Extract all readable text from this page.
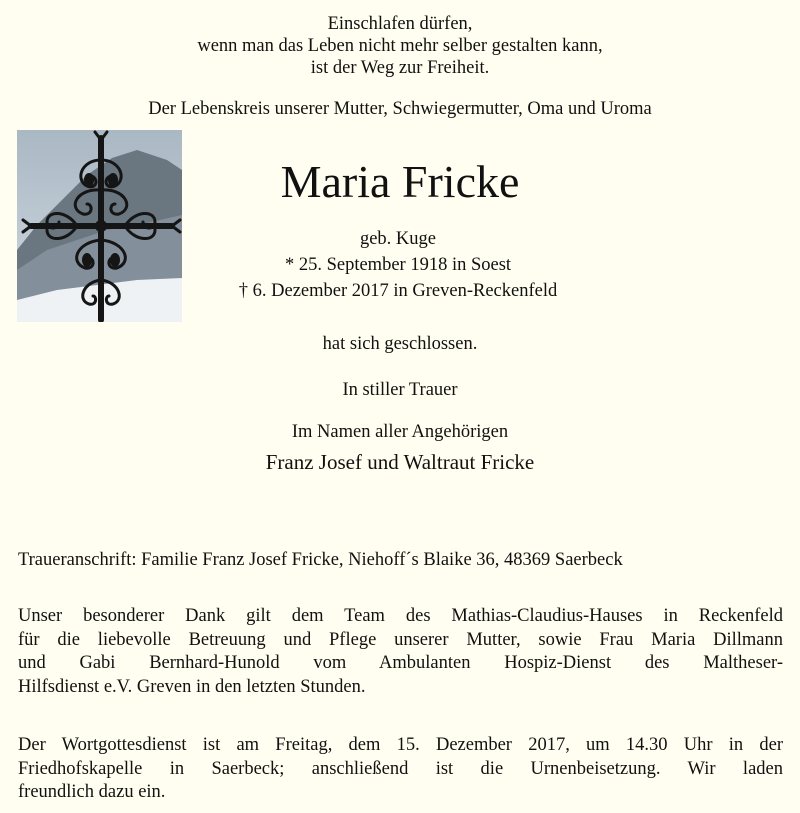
Einschlafen dürfen,
wenn man das Leben nicht mehr selber gestalten kann,
ist der Weg zur Freiheit.
Der Lebenskreis unserer Mutter, Schwiegermutter, Oma und Uroma
Maria Fricke
geb. Kuge
* 25. September 1918 in Soest
† 6. Dezember 2017 in Greven-Reckenfeld
hat sich geschlossen.
In stiller Trauer
Im Namen aller Angehörigen
Franz Josef und Waltraut Fricke
Traueranschrift: Familie Franz Josef Fricke, Niehoff´s Blaike 36, 48369 Saerbeck
Unser besonderer Dank gilt dem Team des Mathias-Claudius-Hauses in Reckenfeld
für die liebevolle Betreuung und Pflege unserer Mutter, sowie Frau Maria Dillmann
und Gabi Bernhard-Hunold vom Ambulanten Hospiz-Dienst des Maltheser-
Hilfsdienst e.V. Greven in den letzten Stunden.
Der Wortgottesdienst ist am Freitag, dem 15. Dezember 2017, um 14.30 Uhr in der
Friedhofskapelle in Saerbeck; anschließend ist die Urnenbeisetzung. Wir laden
freundlich dazu ein.
